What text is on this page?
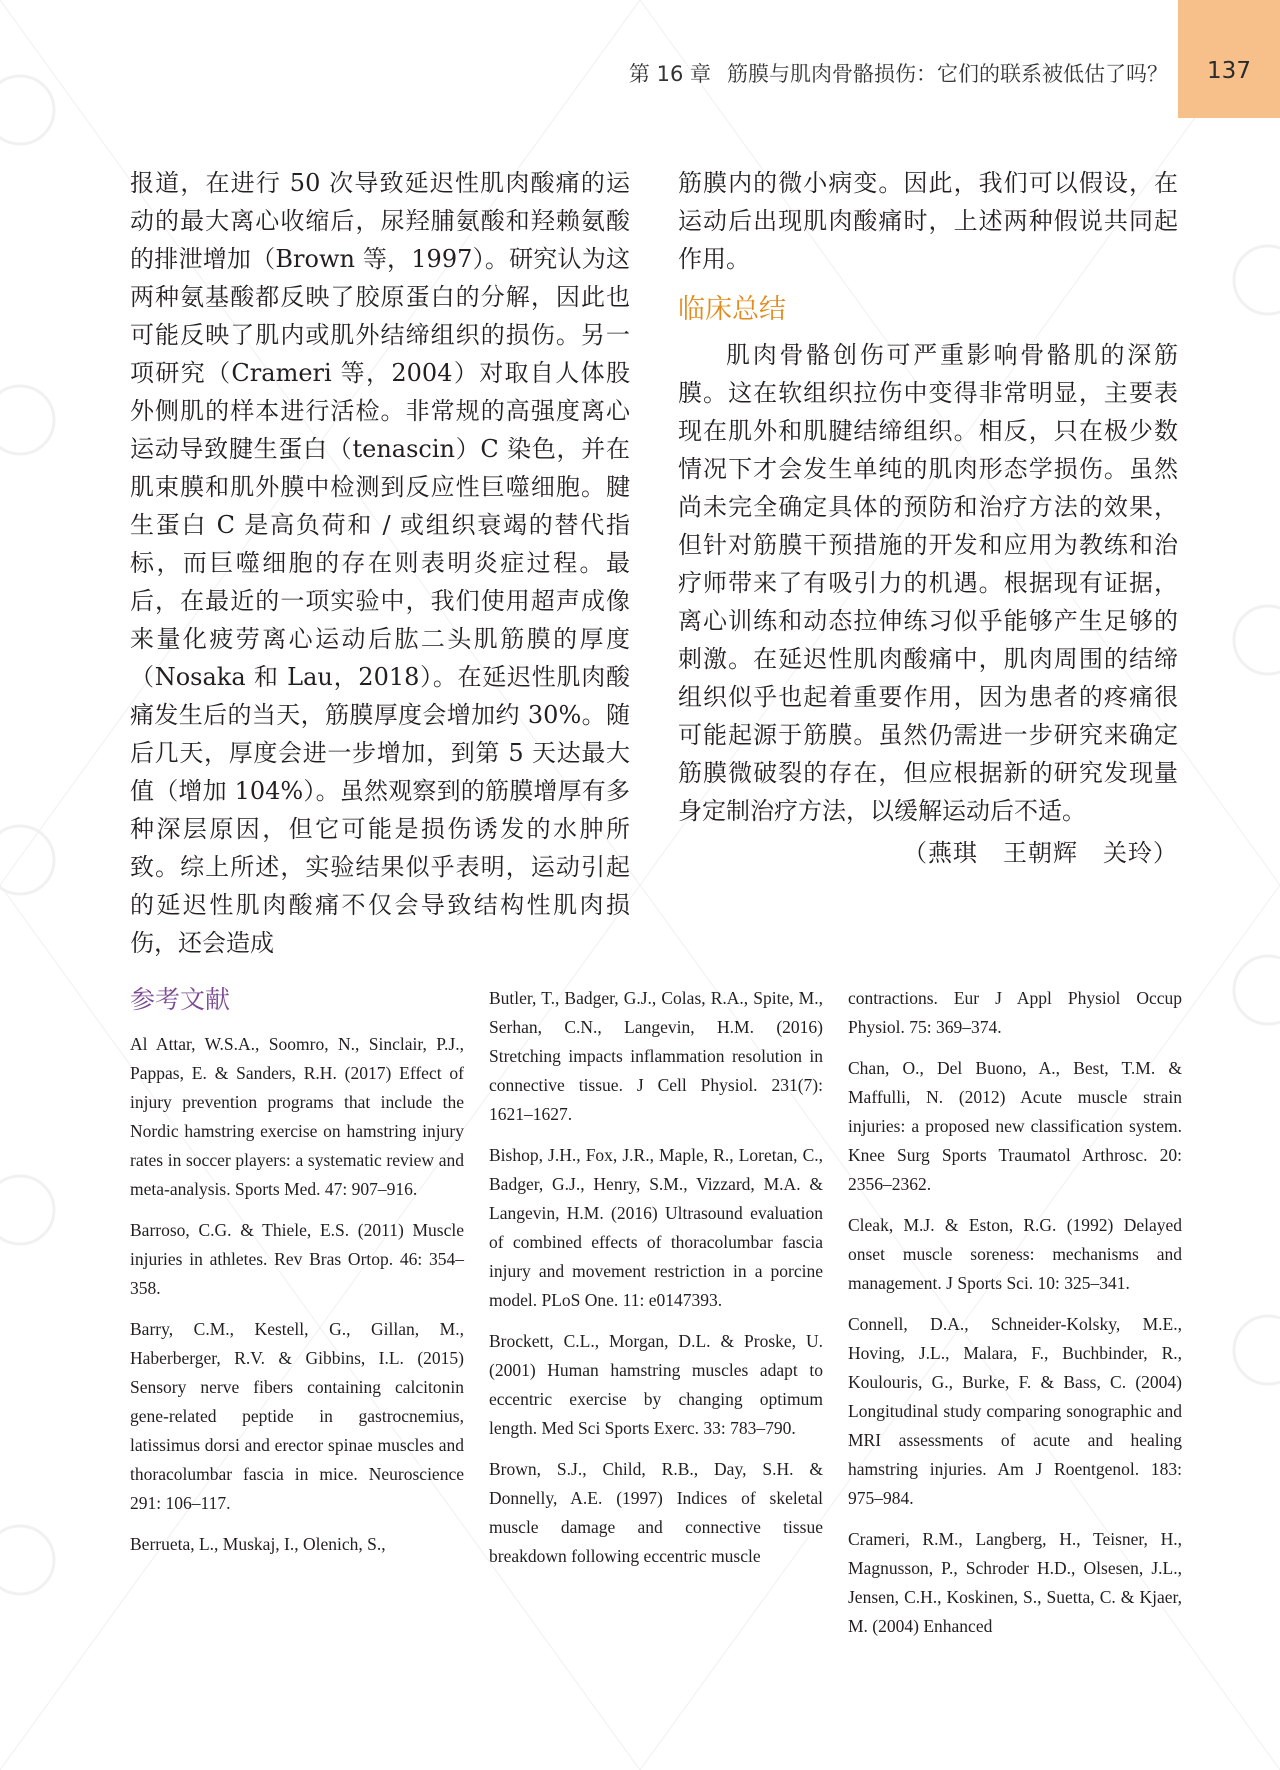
第 16 章 筋膜与肌肉骨骼损伤：它们的联系被低估了吗？	137

报道，在进行 50 次导致延迟性肌肉酸痛的运动的最大离心收缩后，尿羟脯氨酸和羟赖氨酸的排泄增加（Brown 等，1997）。研究认为这两种氨基酸都反映了胶原蛋白的分解，因此也可能反映了肌内或肌外结缔组织的损伤。另一项研究（Crameri 等，2004）对取自人体股外侧肌的样本进行活检。非常规的高强度离心运动导致腱生蛋白（tenascin）C 染色，并在肌束膜和肌外膜中检测到反应性巨噬细胞。腱生蛋白 C 是高负荷和 / 或组织衰竭的替代指标，而巨噬细胞的存在则表明炎症过程。最后，在最近的一项实验中，我们使用超声成像来量化疲劳离心运动后肱二头肌筋膜的厚度（Nosaka 和 Lau，2018）。在延迟性肌肉酸痛发生后的当天，筋膜厚度会增加约 30%。随后几天，厚度会进一步增加，到第 5 天达最大值（增加 104%）。虽然观察到的筋膜增厚有多种深层原因，但它可能是损伤诱发的水肿所致。综上所述，实验结果似乎表明，运动引起的延迟性肌肉酸痛不仅会导致结构性肌肉损伤，还会造成

筋膜内的微小病变。因此，我们可以假设，在运动后出现肌肉酸痛时，上述两种假说共同起作用。

临床总结

肌肉骨骼创伤可严重影响骨骼肌的深筋膜。这在软组织拉伤中变得非常明显，主要表现在肌外和肌腱结缔组织。相反，只在极少数情况下才会发生单纯的肌肉形态学损伤。虽然尚未完全确定具体的预防和治疗方法的效果，但针对筋膜干预措施的开发和应用为教练和治疗师带来了有吸引力的机遇。根据现有证据，离心训练和动态拉伸练习似乎能够产生足够的刺激。在延迟性肌肉酸痛中，肌肉周围的结缔组织似乎也起着重要作用，因为患者的疼痛很可能起源于筋膜。虽然仍需进一步研究来确定筋膜微破裂的存在，但应根据新的研究发现量身定制治疗方法，以缓解运动后不适。

（燕琪　王朝辉　关玲）

参考文献

Al Attar, W.S.A., Soomro, N., Sinclair, P.J., Pappas, E. & Sanders, R.H. (2017) Effect of injury prevention programs that include the Nordic hamstring exercise on hamstring injury rates in soccer players: a systematic review and meta-analysis. Sports Med. 47: 907–916.

Barroso, C.G. & Thiele, E.S. (2011) Muscle injuries in athletes. Rev Bras Ortop. 46: 354–358.

Barry, C.M., Kestell, G., Gillan, M., Haberberger, R.V. & Gibbins, I.L. (2015) Sensory nerve fibers containing calcitonin gene-related peptide in gastrocnemius, latissimus dorsi and erector spinae muscles and thoracolumbar fascia in mice. Neuroscience 291: 106–117.

Berrueta, L., Muskaj, I., Olenich, S.,

Butler, T., Badger, G.J., Colas, R.A., Spite, M., Serhan, C.N., Langevin, H.M. (2016) Stretching impacts inflammation resolution in connective tissue. J Cell Physiol. 231(7): 1621–1627.

Bishop, J.H., Fox, J.R., Maple, R., Loretan, C., Badger, G.J., Henry, S.M., Vizzard, M.A. & Langevin, H.M. (2016) Ultrasound evaluation of combined effects of thoracolumbar fascia injury and movement restriction in a porcine model. PLoS One. 11: e0147393.

Brockett, C.L., Morgan, D.L. & Proske, U. (2001) Human hamstring muscles adapt to eccentric exercise by changing optimum length. Med Sci Sports Exerc. 33: 783–790.

Brown, S.J., Child, R.B., Day, S.H. & Donnelly, A.E. (1997) Indices of skeletal muscle damage and connective tissue breakdown following eccentric muscle

contractions. Eur J Appl Physiol Occup Physiol. 75: 369–374.

Chan, O., Del Buono, A., Best, T.M. & Maffulli, N. (2012) Acute muscle strain injuries: a proposed new classification system. Knee Surg Sports Traumatol Arthrosc. 20: 2356–2362.

Cleak, M.J. & Eston, R.G. (1992) Delayed onset muscle soreness: mechanisms and management. J Sports Sci. 10: 325–341.

Connell, D.A., Schneider-Kolsky, M.E., Hoving, J.L., Malara, F., Buchbinder, R., Koulouris, G., Burke, F. & Bass, C. (2004) Longitudinal study comparing sonographic and MRI assessments of acute and healing hamstring injuries. Am J Roentgenol. 183: 975–984.

Crameri, R.M., Langberg, H., Teisner, H., Magnusson, P., Schroder H.D., Olsesen, J.L., Jensen, C.H., Koskinen, S., Suetta, C. & Kjaer, M. (2004) Enhanced
